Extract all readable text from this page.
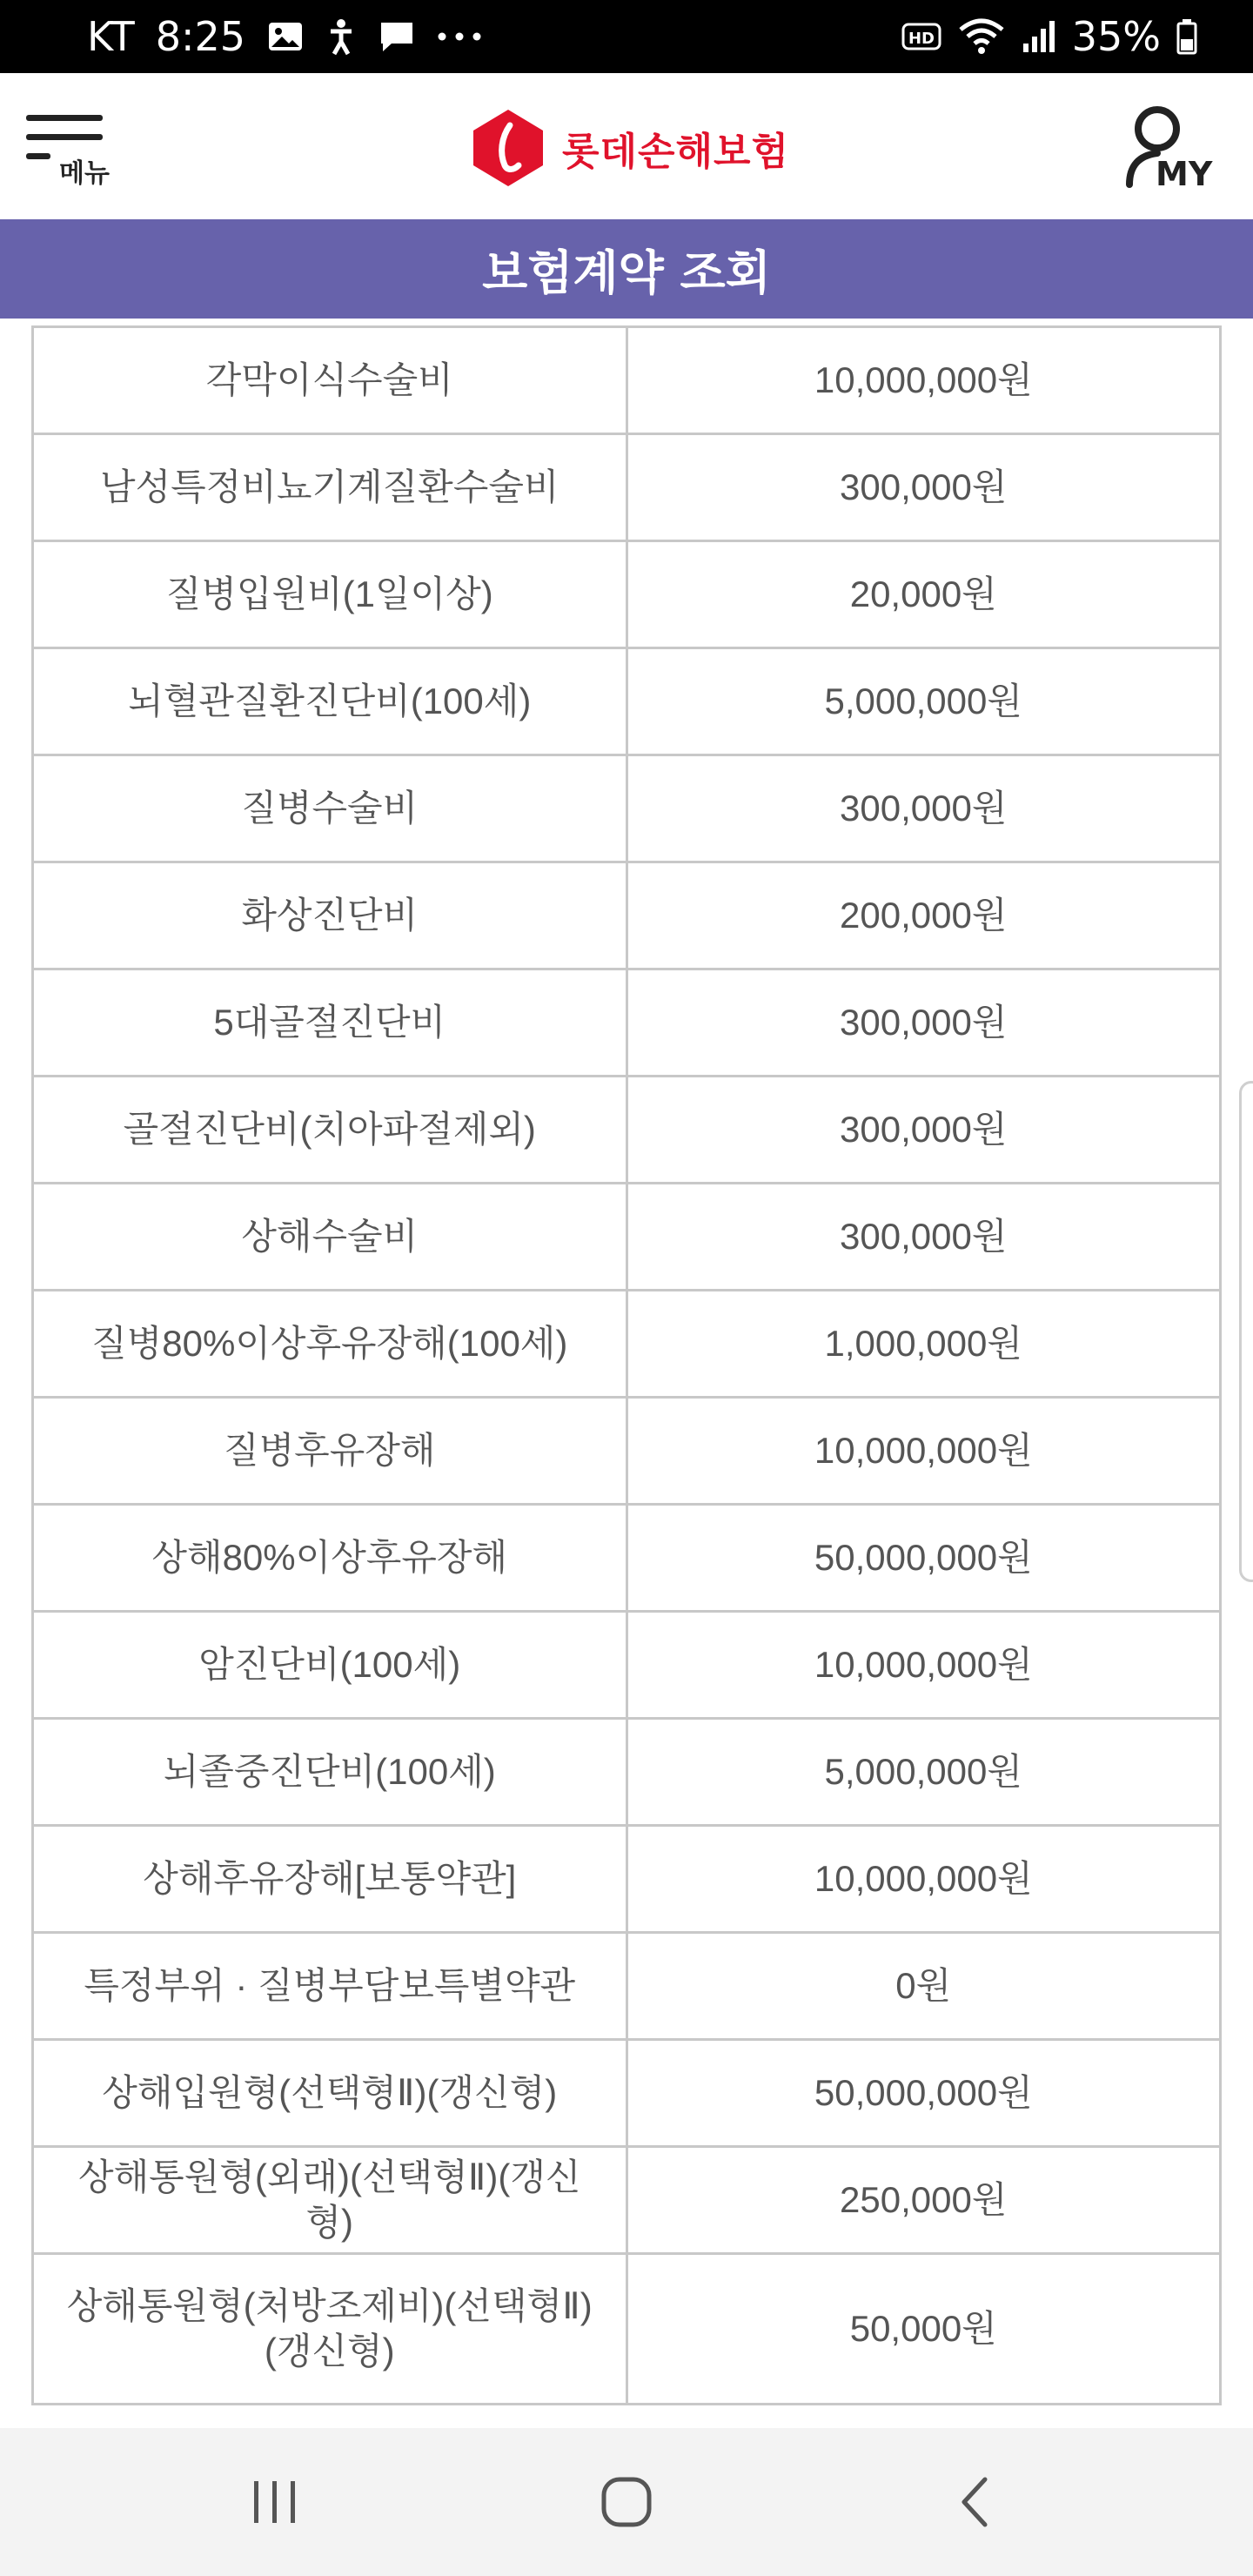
KT 8:25	HD	35%
메뉴	롯데손해보험	MY
보험계약 조회
각막이식수술비	10,000,000원
남성특정비뇨기계질환수술비	300,000원
질병입원비(1일이상)	20,000원
뇌혈관질환진단비(100세)	5,000,000원
질병수술비	300,000원
화상진단비	200,000원
5대골절진단비	300,000원
골절진단비(치아파절제외)	300,000원
상해수술비	300,000원
질병80%이상후유장해(100세)	1,000,000원
질병후유장해	10,000,000원
상해80%이상후유장해	50,000,000원
암진단비(100세)	10,000,000원
뇌졸중진단비(100세)	5,000,000원
상해후유장해[보통약관]	10,000,000원
특정부위 · 질병부담보특별약관	0원
상해입원형(선택형Ⅱ)(갱신형)	50,000,000원
상해통원형(외래)(선택형Ⅱ)(갱신형)	250,000원
상해통원형(처방조제비)(선택형Ⅱ)(갱신형)	50,000원
